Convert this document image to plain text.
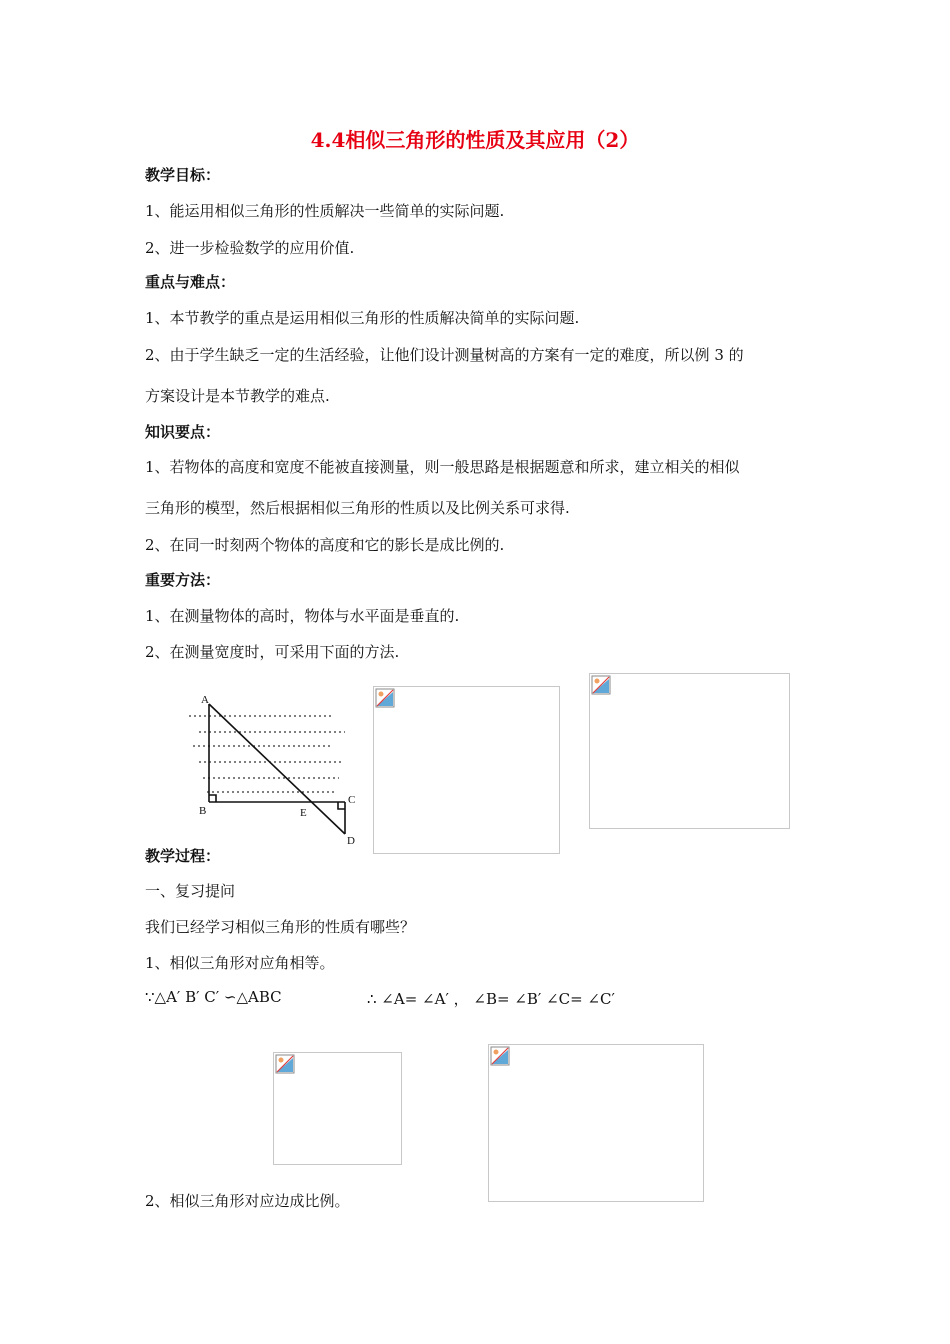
4.4相似三角形的性质及其应用（2）
教学目标：
1、能运用相似三角形的性质解决一些简单的实际问题.
2、进一步检验数学的应用价值.
重点与难点：
1、本节教学的重点是运用相似三角形的性质解决简单的实际问题.
2、由于学生缺乏一定的生活经验，让他们设计测量树高的方案有一定的难度，所以例 3 的
方案设计是本节教学的难点.
知识要点：
1、若物体的高度和宽度不能被直接测量，则一般思路是根据题意和所求，建立相关的相似
三角形的模型，然后根据相似三角形的性质以及比例关系可求得.
2、在同一时刻两个物体的高度和它的影长是成比例的.
重要方法：
1、在测量物体的高时，物体与水平面是垂直的.
2、在测量宽度时，可采用下面的方法.
A
B
C
E
D
教学过程：
一、复习提问
我们已经学习相似三角形的性质有哪些？
1、相似三角形对应角相等。
∵△A′ B′ C′ ∽△ABC	∴ ∠A= ∠A′ ， ∠B= ∠B′ ∠C= ∠C′
2、相似三角形对应边成比例。
